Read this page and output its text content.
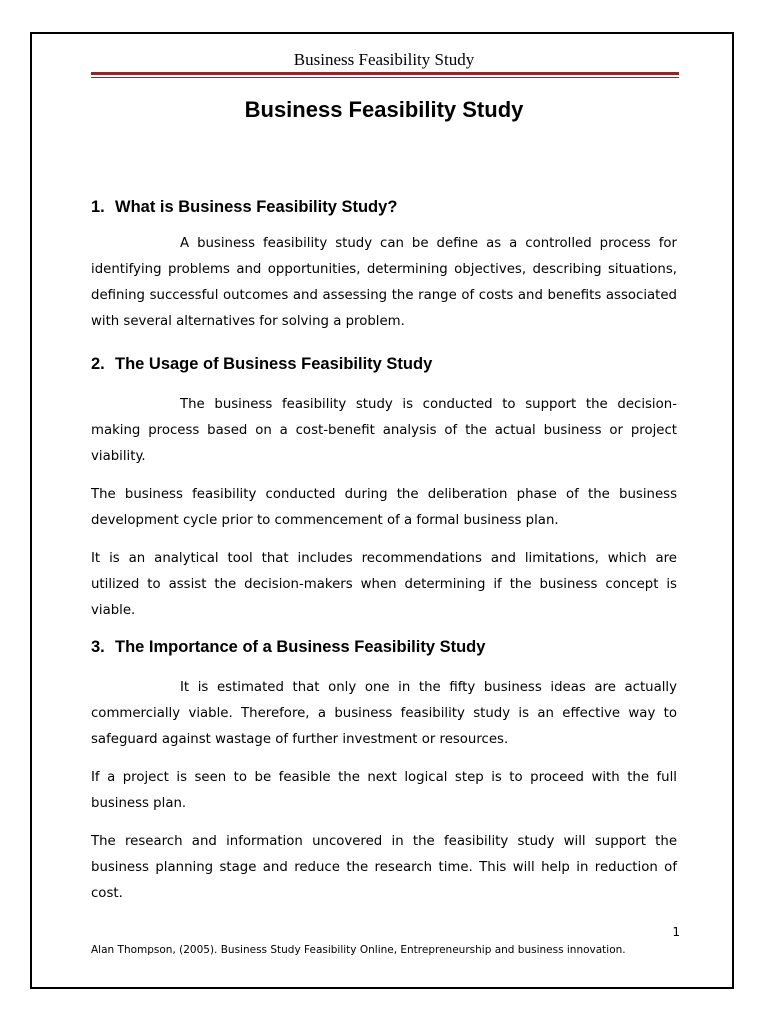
Business Feasibility Study
Business Feasibility Study
1. What is Business Feasibility Study?

A business feasibility study can be define as a controlled process for identifying problems and opportunities, determining objectives, describing situations, defining successful outcomes and assessing the range of costs and benefits associated with several alternatives for solving a problem.

2. The Usage of Business Feasibility Study

The business feasibility study is conducted to support the decision-making process based on a cost-benefit analysis of the actual business or project viability.

The business feasibility conducted during the deliberation phase of the business development cycle prior to commencement of a formal business plan.

It is an analytical tool that includes recommendations and limitations, which are utilized to assist the decision-makers when determining if the business concept is viable.

3. The Importance of a Business Feasibility Study

It is estimated that only one in the fifty business ideas are actually commercially viable. Therefore, a business feasibility study is an effective way to safeguard against wastage of further investment or resources.

If a project is seen to be feasible the next logical step is to proceed with the full business plan.

The research and information uncovered in the feasibility study will support the business planning stage and reduce the research time. This will help in reduction of cost.

1
Alan Thompson, (2005). Business Study Feasibility Online, Entrepreneurship and business innovation.
